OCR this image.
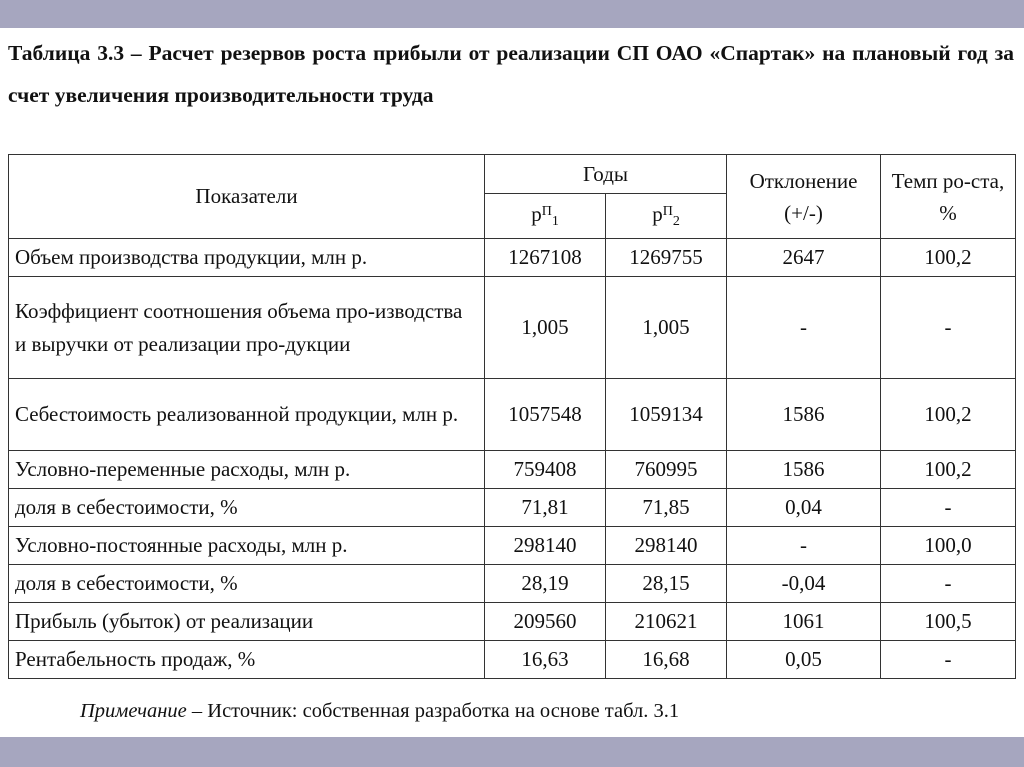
Таблица 3.3 – Расчет резервов роста прибыли от реализации СП ОАО «Спартак» на плановый год за счет увеличения производительности труда
Показатели	Годы		Отклонение (+/-)	Темп ро-ста, %
	$р^П_1$	$р^П_2$
Объем производства продукции, млн р.	1267108	1269755	2647	100,2
Коэффициент соотношения объема про-изводства и выручки от реализации про-дукции	1,005	1,005	-	-
Себестоимость реализованной продукции, млн р.	1057548	1059134	1586	100,2
Условно-переменные расходы, млн р.	759408	760995	1586	100,2
доля в себестоимости, %	71,81	71,85	0,04	-
Условно-постоянные расходы, млн р.	298140	298140	-	100,0
доля в себестоимости, %	28,19	28,15	-0,04	-
Прибыль (убыток) от реализации	209560	210621	1061	100,5
Рентабельность продаж, %	16,63	16,68	0,05	-
Примечание – Источник: собственная разработка на основе табл. 3.1
